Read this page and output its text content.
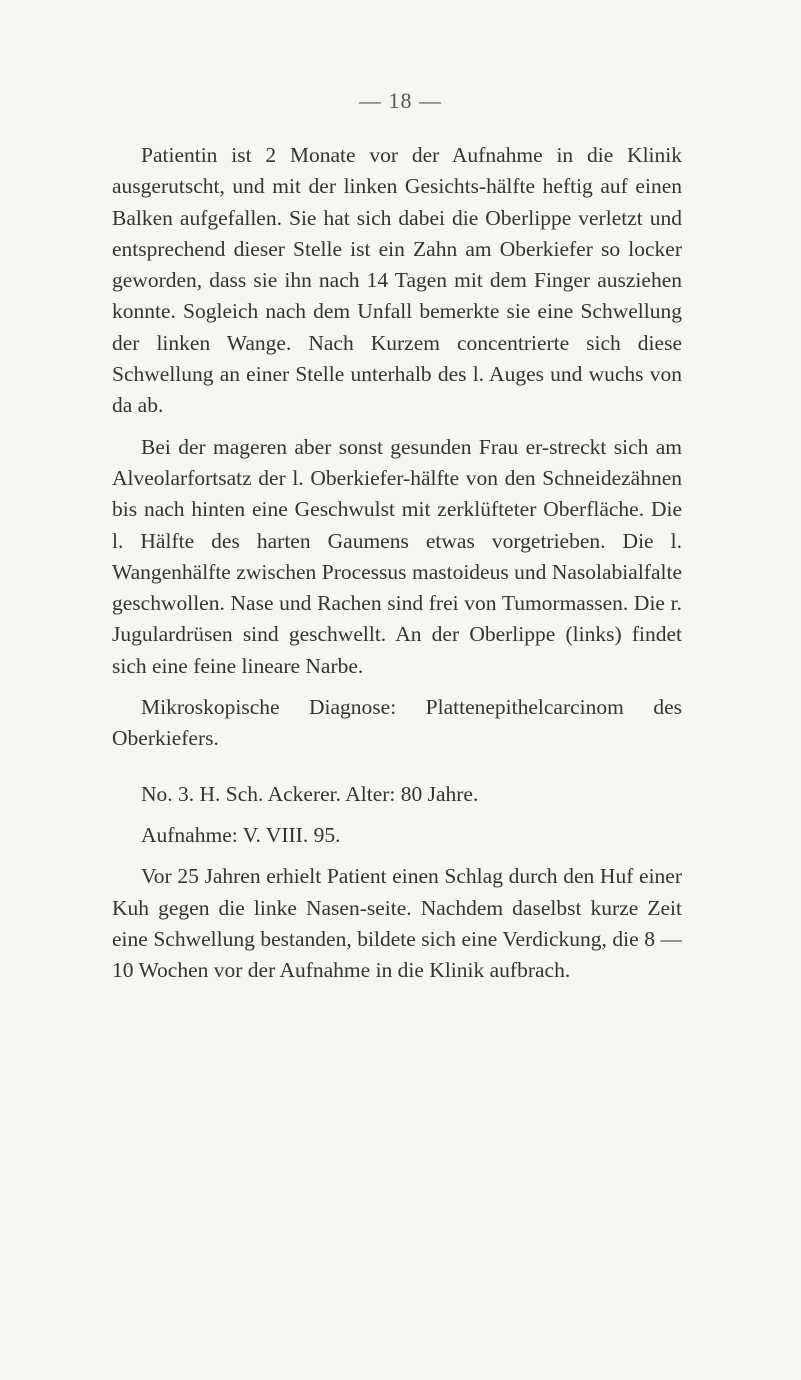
— 18 —

Patientin ist 2 Monate vor der Aufnahme in die Klinik ausgerutscht, und mit der linken Gesichts-hälfte heftig auf einen Balken aufgefallen. Sie hat sich dabei die Oberlippe verletzt und entsprechend dieser Stelle ist ein Zahn am Oberkiefer so locker geworden, dass sie ihn nach 14 Tagen mit dem Finger ausziehen konnte. Sogleich nach dem Unfall bemerkte sie eine Schwellung der linken Wange. Nach Kurzem concentrierte sich diese Schwellung an einer Stelle unterhalb des l. Auges und wuchs von da ab.

Bei der mageren aber sonst gesunden Frau er-streckt sich am Alveolarfortsatz der l. Oberkiefer-hälfte von den Schneidezähnen bis nach hinten eine Geschwulst mit zerklüfteter Oberfläche. Die l. Hälfte des harten Gaumens etwas vorgetrieben. Die l. Wangenhälfte zwischen Processus mastoideus und Nasolabialfalte geschwollen. Nase und Rachen sind frei von Tumormassen. Die r. Jugulardrüsen sind geschwellt. An der Oberlippe (links) findet sich eine feine lineare Narbe.

Mikroskopische Diagnose: Plattenepithelcarcinom des Oberkiefers.

No. 3. H. Sch. Ackerer. Alter: 80 Jahre.

Aufnahme: V. VIII. 95.

Vor 25 Jahren erhielt Patient einen Schlag durch den Huf einer Kuh gegen die linke Nasen-seite. Nachdem daselbst kurze Zeit eine Schwellung bestanden, bildete sich eine Verdickung, die 8 — 10 Wochen vor der Aufnahme in die Klinik aufbrach.
